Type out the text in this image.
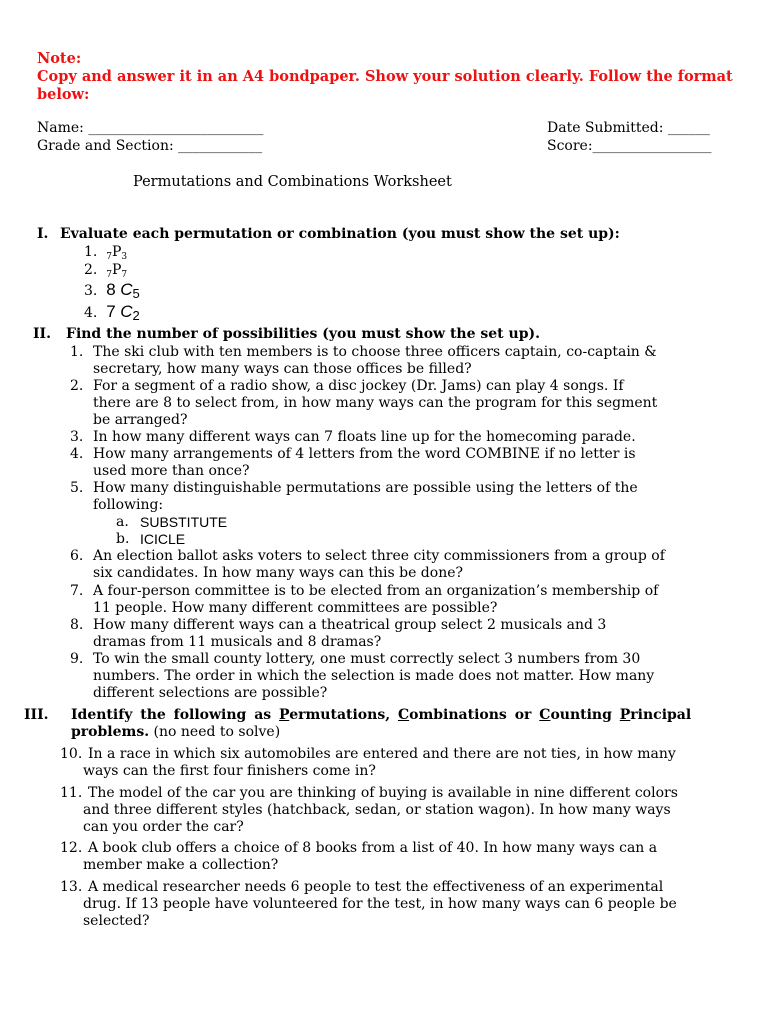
Note:
Copy and answer it in an A4 bondpaper. Show your solution clearly. Follow the format
below:
Name: _________________________
Grade and Section: ____________
Date Submitted: ______
Score:_________________
Permutations and Combinations Worksheet
I. Evaluate each permutation or combination (you must show the set up):
1. $_7P_3$
2. $_7P_7$
3. 8 C5
4. 7 C2
II. Find the number of possibilities (you must show the set up).
1. The ski club with ten members is to choose three officers captain, co-captain &
secretary, how many ways can those offices be filled?
2. For a segment of a radio show, a disc jockey (Dr. Jams) can play 4 songs. If
there are 8 to select from, in how many ways can the program for this segment
be arranged?
3. In how many different ways can 7 floats line up for the homecoming parade.
4. How many arrangements of 4 letters from the word COMBINE if no letter is
used more than once?
5. How many distinguishable permutations are possible using the letters of the
following:
a. SUBSTITUTE
b. ICICLE
6. An election ballot asks voters to select three city commissioners from a group of
six candidates. In how many ways can this be done?
7. A four-person committee is to be elected from an organization’s membership of
11 people. How many different committees are possible?
8. How many different ways can a theatrical group select 2 musicals and 3
dramas from 11 musicals and 8 dramas?
9. To win the small county lottery, one must correctly select 3 numbers from 30
numbers. The order in which the selection is made does not matter. How many
different selections are possible?
III. Identify the following as Permutations, Combinations or Counting Principal
problems. (no need to solve)
10. In a race in which six automobiles are entered and there are not ties, in how many
ways can the first four finishers come in?
11. The model of the car you are thinking of buying is available in nine different colors
and three different styles (hatchback, sedan, or station wagon). In how many ways
can you order the car?
12. A book club offers a choice of 8 books from a list of 40. In how many ways can a
member make a collection?
13. A medical researcher needs 6 people to test the effectiveness of an experimental
drug. If 13 people have volunteered for the test, in how many ways can 6 people be
selected?
